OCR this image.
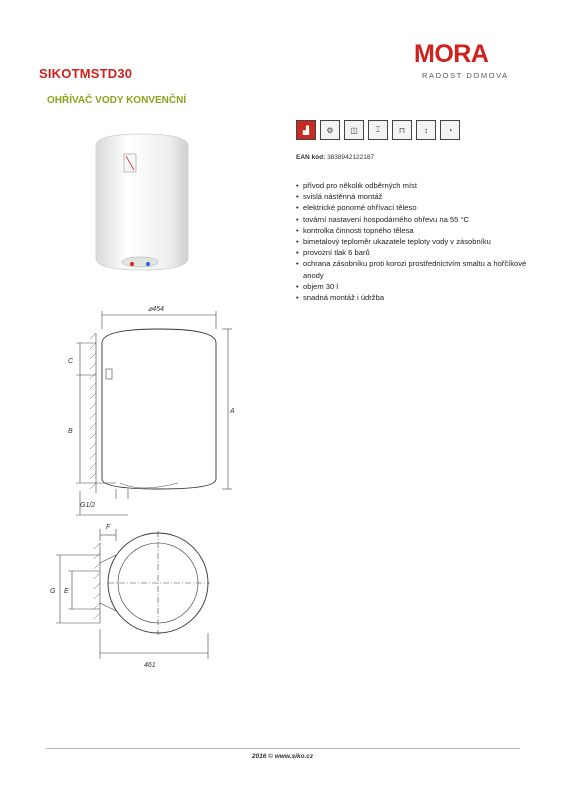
SIKOTMSTD30
OHŘÍVAČ VODY KONVENČNÍ
MORA
RADOST DOMOVA
▟	⚙	◫	⌶	⊓	↕	◔
EAN kód: 3838942122187
• přívod pro několik odběrných míst
• svislá nástěnná montáž
• elektrické ponorné ohřívací těleso
• tovární nastavení hospodárného ohřevu na 55 °C
• kontrolka činnosti topného tělesa
• bimetalový teploměr ukazatele teploty vody v zásobníku
• provozní tlak 6 barů
• ochrana zásobníku proti korozi prostřednictvím smaltu a hořčíkové anody
• objem 30 l
• snadná montáž i údržba
⌀454
A
C
B
G1/2
F
G E
461
2016 © www.siko.cz
